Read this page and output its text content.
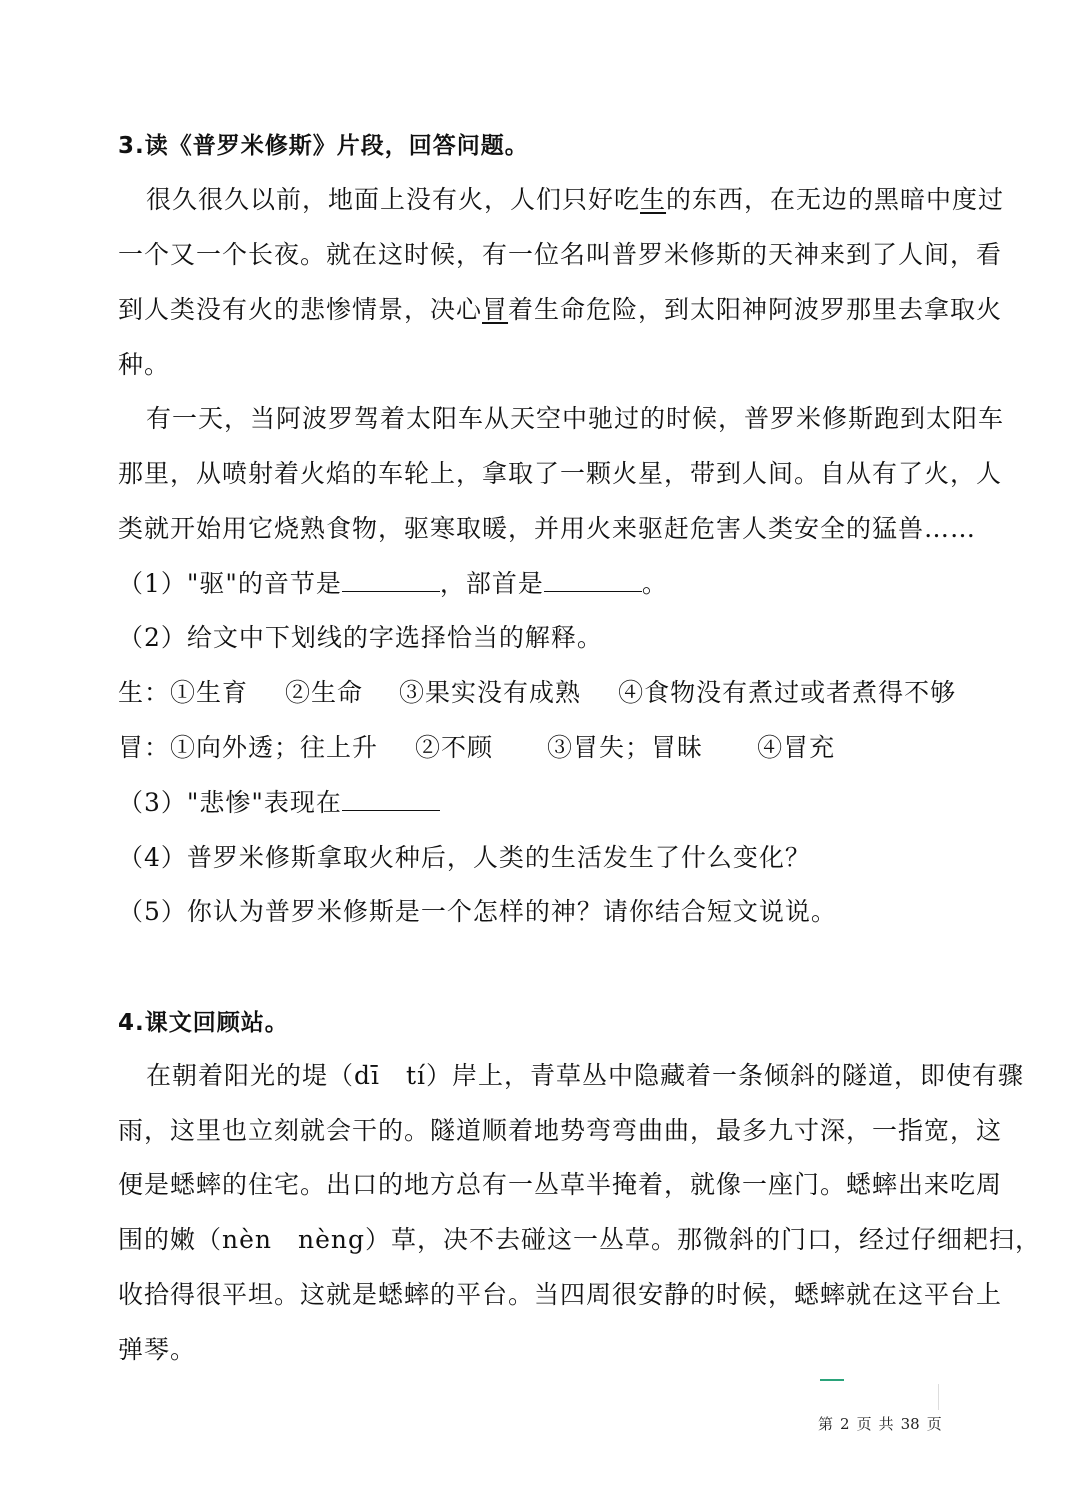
3.读《普罗米修斯》片段，回答问题。
很久很久以前，地面上没有火，人们只好吃生的东西，在无边的黑暗中度过
一个又一个长夜。就在这时候，有一位名叫普罗米修斯的天神来到了人间，看
到人类没有火的悲惨情景，决心冒着生命危险，到太阳神阿波罗那里去拿取火
种。
有一天，当阿波罗驾着太阳车从天空中驰过的时候，普罗米修斯跑到太阳车
那里，从喷射着火焰的车轮上，拿取了一颗火星，带到人间。自从有了火，人
类就开始用它烧熟食物，驱寒取暖，并用火来驱赶危害人类安全的猛兽……
（1）"驱"的音节是	，部首是	。
（2）给文中下划线的字选择恰当的解释。
生：①生育 ②生命 ③果实没有成熟 ④食物没有煮过或者煮得不够
冒：①向外透；往上升 ②不顾 ③冒失；冒昧 ④冒充
（3）"悲惨"表现在
（4）普罗米修斯拿取火种后，人类的生活发生了什么变化？
（5）你认为普罗米修斯是一个怎样的神？请你结合短文说说。
4.课文回顾站。
在朝着阳光的堤（dī　tí）岸上，青草丛中隐藏着一条倾斜的隧道，即使有骤
雨，这里也立刻就会干的。隧道顺着地势弯弯曲曲，最多九寸深，一指宽，这
便是蟋蟀的住宅。出口的地方总有一丛草半掩着，就像一座门。蟋蟀出来吃周
围的嫩（nèn　nèng）草，决不去碰这一丛草。那微斜的门口，经过仔细耙扫，
收拾得很平坦。这就是蟋蟀的平台。当四周很安静的时候，蟋蟀就在这平台上
弹琴。
第 2 页 共 38 页
